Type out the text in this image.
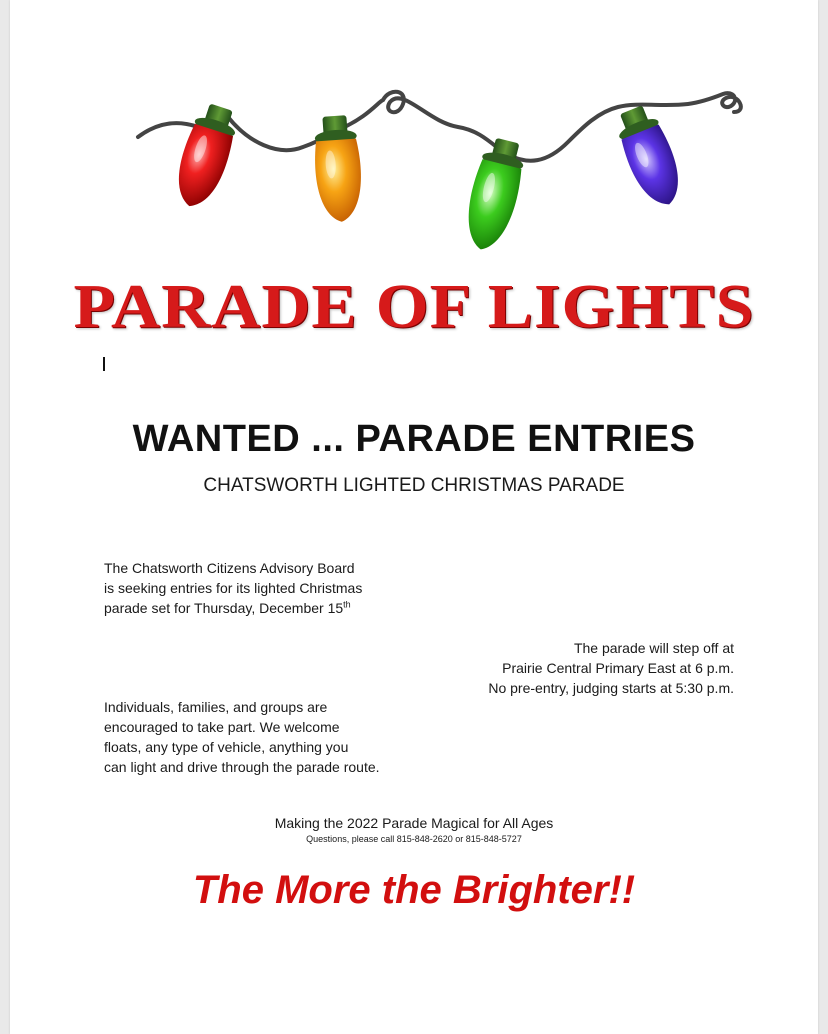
PARADE OF LIGHTS
WANTED ... PARADE ENTRIES
CHATSWORTH LIGHTED CHRISTMAS PARADE
The Chatsworth Citizens Advisory Board
is seeking entries for its lighted Christmas
parade set for Thursday, December 15th
The parade will step off at
Prairie Central Primary East at 6 p.m.
No pre-entry, judging starts at 5:30 p.m.
Individuals, families, and groups are
encouraged to take part. We welcome
floats, any type of vehicle, anything you
can light and drive through the parade route.
Making the 2022 Parade Magical for All Ages
Questions, please call 815-848-2620 or 815-848-5727
The More the Brighter!!
